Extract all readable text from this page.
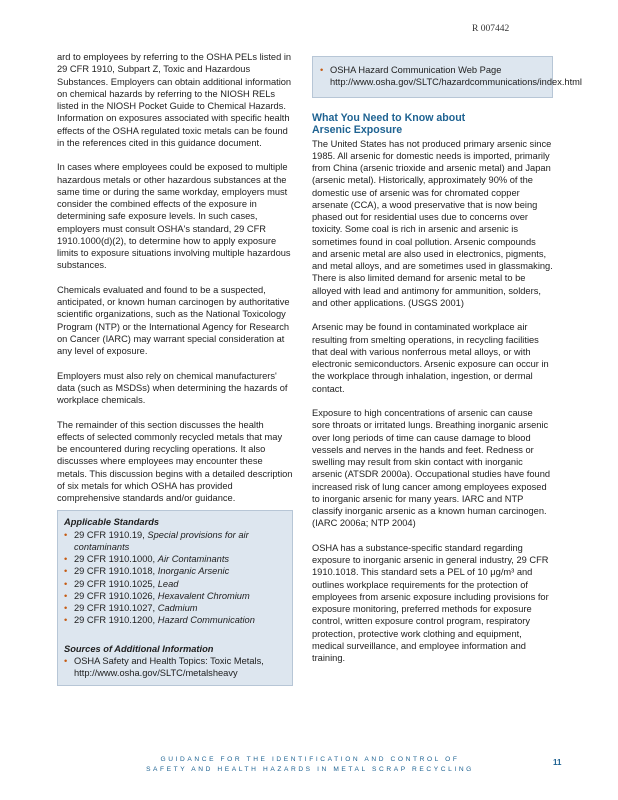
R 007442

ard to employees by referring to the OSHA PELs listed in 29 CFR 1910, Subpart Z, Toxic and Hazardous Substances. Employers can obtain additional information on chemical hazards by referring to the NIOSH RELs listed in the NIOSH Pocket Guide to Chemical Hazards. Information on exposures associated with specific health effects of the OSHA regulated toxic metals can be found in the references cited in this guidance document.

In cases where employees could be exposed to multiple hazardous metals or other hazardous substances at the same time or during the same workday, employers must consider the combined effects of the exposure in determining safe exposure levels. In such cases, employers must consult OSHA's standard, 29 CFR 1910.1000(d)(2), to determine how to apply exposure limits to exposure situations involving multiple hazardous substances.

Chemicals evaluated and found to be a suspected, anticipated, or known human carcinogen by authoritative scientific organizations, such as the National Toxicology Program (NTP) or the International Agency for Research on Cancer (IARC) may warrant special consideration at any level of exposure.

Employers must also rely on chemical manufacturers' data (such as MSDSs) when determining the hazards of workplace chemicals.

The remainder of this section discusses the health effects of selected commonly recycled metals that may be encountered during recycling operations. It also discusses where employees may encounter these metals. This discussion begins with a detailed description of six metals for which OSHA has provided comprehensive standards and/or guidance.

Applicable Standards
• 29 CFR 1910.19, Special provisions for air contaminants
• 29 CFR 1910.1000, Air Contaminants
• 29 CFR 1910.1018, Inorganic Arsenic
• 29 CFR 1910.1025, Lead
• 29 CFR 1910.1026, Hexavalent Chromium
• 29 CFR 1910.1027, Cadmium
• 29 CFR 1910.1200, Hazard Communication
Sources of Additional Information
• OSHA Safety and Health Topics: Toxic Metals, http://www.osha.gov/SLTC/metalsheavy
• OSHA Hazard Communication Web Page http://www.osha.gov/SLTC/hazardcommunications/index.html
What You Need to Know about
Arsenic Exposure

The United States has not produced primary arsenic since 1985. All arsenic for domestic needs is imported, primarily from China (arsenic trioxide and arsenic metal) and Japan (arsenic metal). Historically, approximately 90% of the domestic use of arsenic was for chromated copper arsenate (CCA), a wood preservative that is now being phased out for residential uses due to concerns over toxicity. Some coal is rich in arsenic and arsenic is sometimes found in coal pollution. Arsenic compounds and arsenic metal are also used in electronics, pigments, and metal alloys, and are sometimes used in glassmaking. There is also limited demand for arsenic metal to be alloyed with lead and antimony for ammunition, solders, and other applications. (USGS 2001)

Arsenic may be found in contaminated workplace air resulting from smelting operations, in recycling facilities that deal with various nonferrous metal alloys, or with electronic semiconductors. Arsenic exposure can occur in the workplace through inhalation, ingestion, or dermal contact.

Exposure to high concentrations of arsenic can cause sore throats or irritated lungs. Breathing inorganic arsenic over long periods of time can cause damage to blood vessels and nerves in the hands and feet. Redness or swelling may result from skin contact with inorganic arsenic (ATSDR 2000a). Occupational studies have found increased risk of lung cancer among employees exposed to inorganic arsenic for many years. IARC and NTP classify inorganic arsenic as a known human carcinogen. (IARC 2006a; NTP 2004)

OSHA has a substance-specific standard regarding exposure to inorganic arsenic in general industry, 29 CFR 1910.1018. This standard sets a PEL of 10 μg/m³ and outlines workplace requirements for the protection of employees from arsenic exposure including provisions for exposure monitoring, preferred methods for exposure control, written exposure control program, respiratory protection, protective work clothing and equipment, medical surveillance, and employee information and training.

GUIDANCE FOR THE IDENTIFICATION AND CONTROL OF
SAFETY AND HEALTH HAZARDS IN METAL SCRAP RECYCLING
11
